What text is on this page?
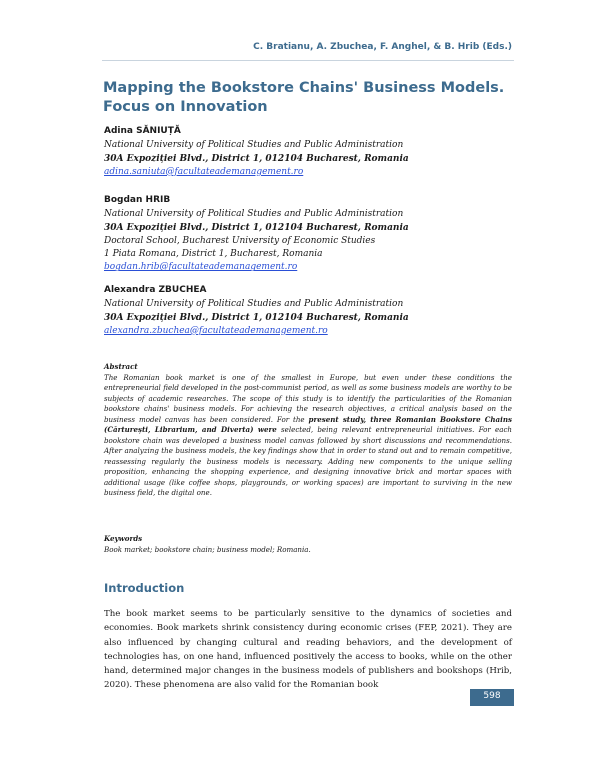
C. Bratianu, A. Zbuchea, F. Anghel, & B. Hrib (Eds.)
Mapping the Bookstore Chains' Business Models.
Focus on Innovation
Adina SĂNIUȚĂ
National University of Political Studies and Public Administration
30A Expoziției Blvd., District 1, 012104 Bucharest, Romania
adina.saniuta@facultateademanagement.ro
Bogdan HRIB
National University of Political Studies and Public Administration
30A Expoziției Blvd., District 1, 012104 Bucharest, Romania
Doctoral School, Bucharest University of Economic Studies
1 Piata Romana, District 1, Bucharest, Romania
bogdan.hrib@facultateademanagement.ro
Alexandra ZBUCHEA
National University of Political Studies and Public Administration
30A Expoziției Blvd., District 1, 012104 Bucharest, Romania
alexandra.zbuchea@facultateademanagement.ro
Abstract
The Romanian book market is one of the smallest in Europe, but even under these conditions the entrepreneurial field developed in the post-communist period, as well as some business models are worthy to be subjects of academic researches. The scope of this study is to identify the particularities of the Romanian bookstore chains' business models. For achieving the research objectives, a critical analysis based on the business model canvas has been considered. For the present study, three Romanian Bookstore Chains (Cărturești, Librarium, and Diverta) were selected, being relevant entrepreneurial initiatives. For each bookstore chain was developed a business model canvas followed by short discussions and recommendations. After analyzing the business models, the key findings show that in order to stand out and to remain competitive, reassessing regularly the business models is necessary. Adding new components to the unique selling proposition, enhancing the shopping experience, and designing innovative brick and mortar spaces with additional usage (like coffee shops, playgrounds, or working spaces) are important to surviving in the new business field, the digital one.
Keywords
Book market; bookstore chain; business model; Romania.
Introduction

The book market seems to be particularly sensitive to the dynamics of societies and economies. Book markets shrink consistency during economic crises (FEP, 2021). They are also influenced by changing cultural and reading behaviors, and the development of technologies has, on one hand, influenced positively the access to books, while on the other hand, determined major changes in the business models of publishers and bookshops (Hrib, 2020). These phenomena are also valid for the Romanian book

598
